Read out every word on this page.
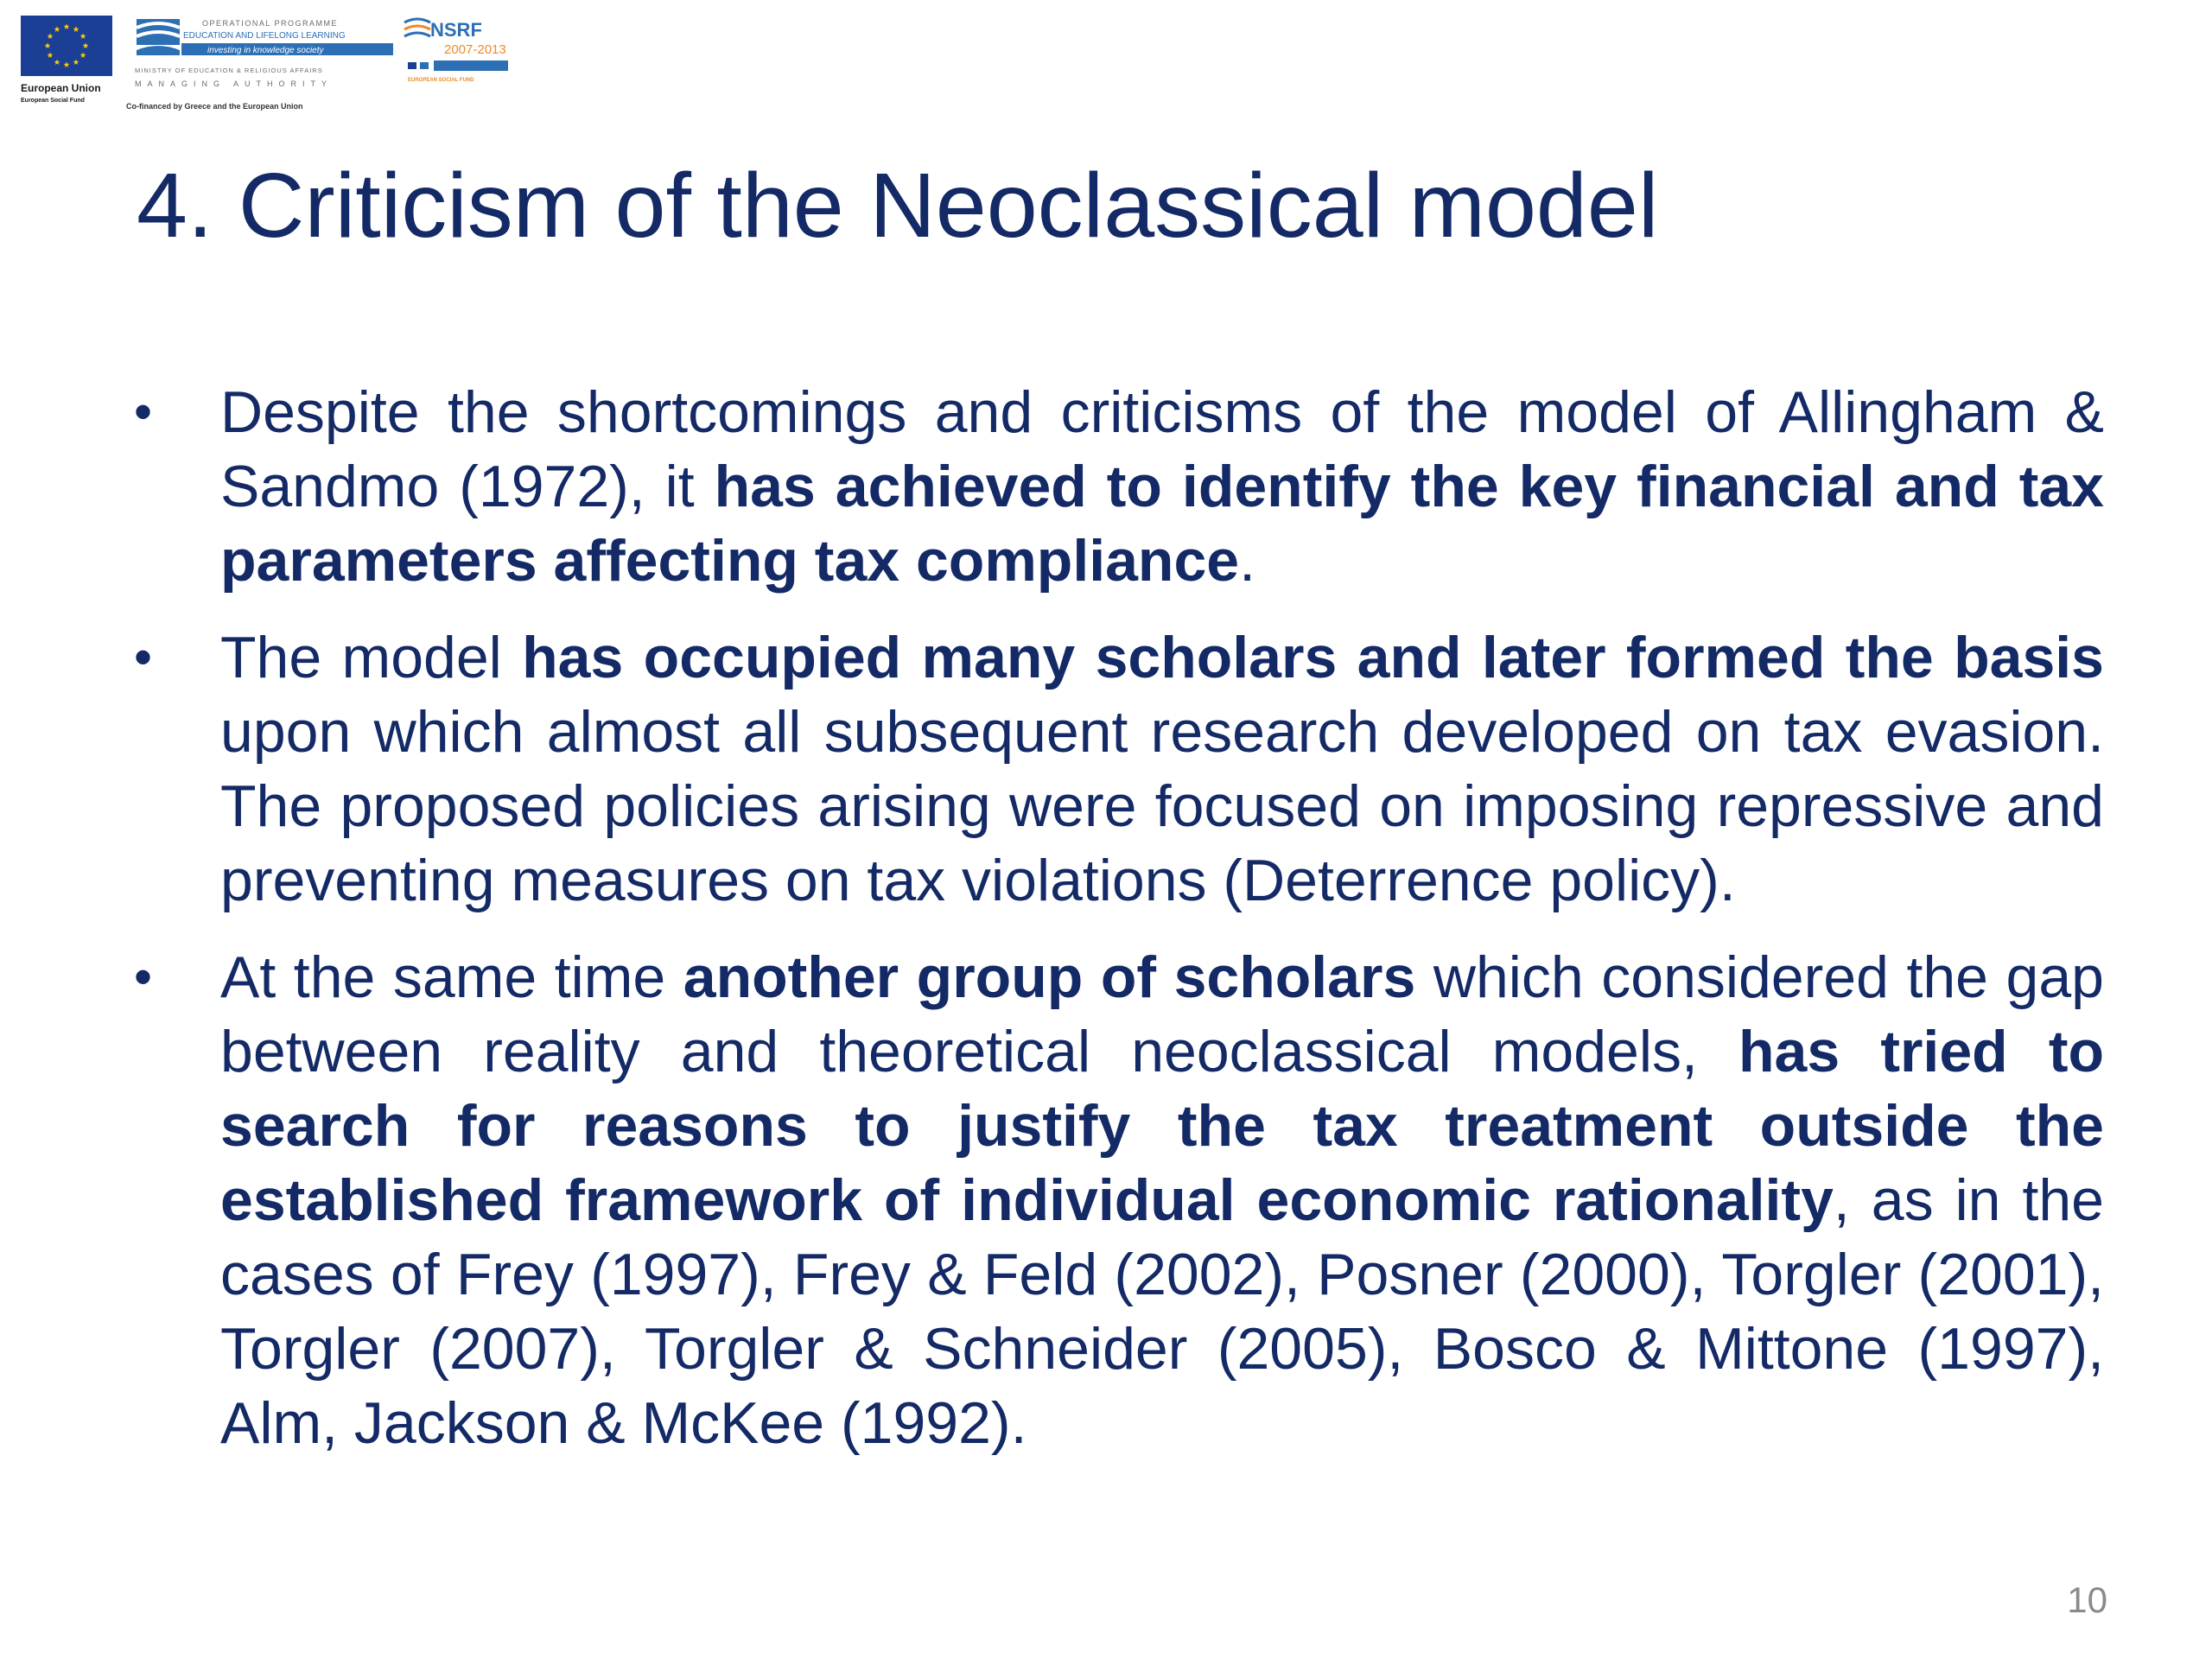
European Union
European Social Fund
OPERATIONAL PROGRAMME
EDUCATION AND LIFELONG LEARNING
investing in knowledge society
MINISTRY OF EDUCATION & RELIGIOUS AFFAIRS
MANAGING AUTHORITY
Co-financed by Greece and the European Union
NSRF
2007-2013
EUROPEAN SOCIAL FUND
4. Criticism of the Neoclassical model
• Despite the shortcomings and criticisms of the model of Allingham & Sandmo (1972), it has achieved to identify the key financial and tax parameters affecting tax compliance.
• The model has occupied many scholars and later formed the basis upon which almost all subsequent research developed on tax evasion. The proposed policies arising were focused on imposing repressive and preventing measures on tax violations (Deterrence policy).
• At the same time another group of scholars which considered the gap between reality and theoretical neoclassical models, has tried to search for reasons to justify the tax treatment outside the established framework of individual economic rationality, as in the cases of Frey (1997), Frey & Feld (2002), Posner (2000), Torgler (2001), Torgler (2007), Torgler & Schneider (2005), Bosco & Mittone (1997), Alm, Jackson & McKee (1992).
10
